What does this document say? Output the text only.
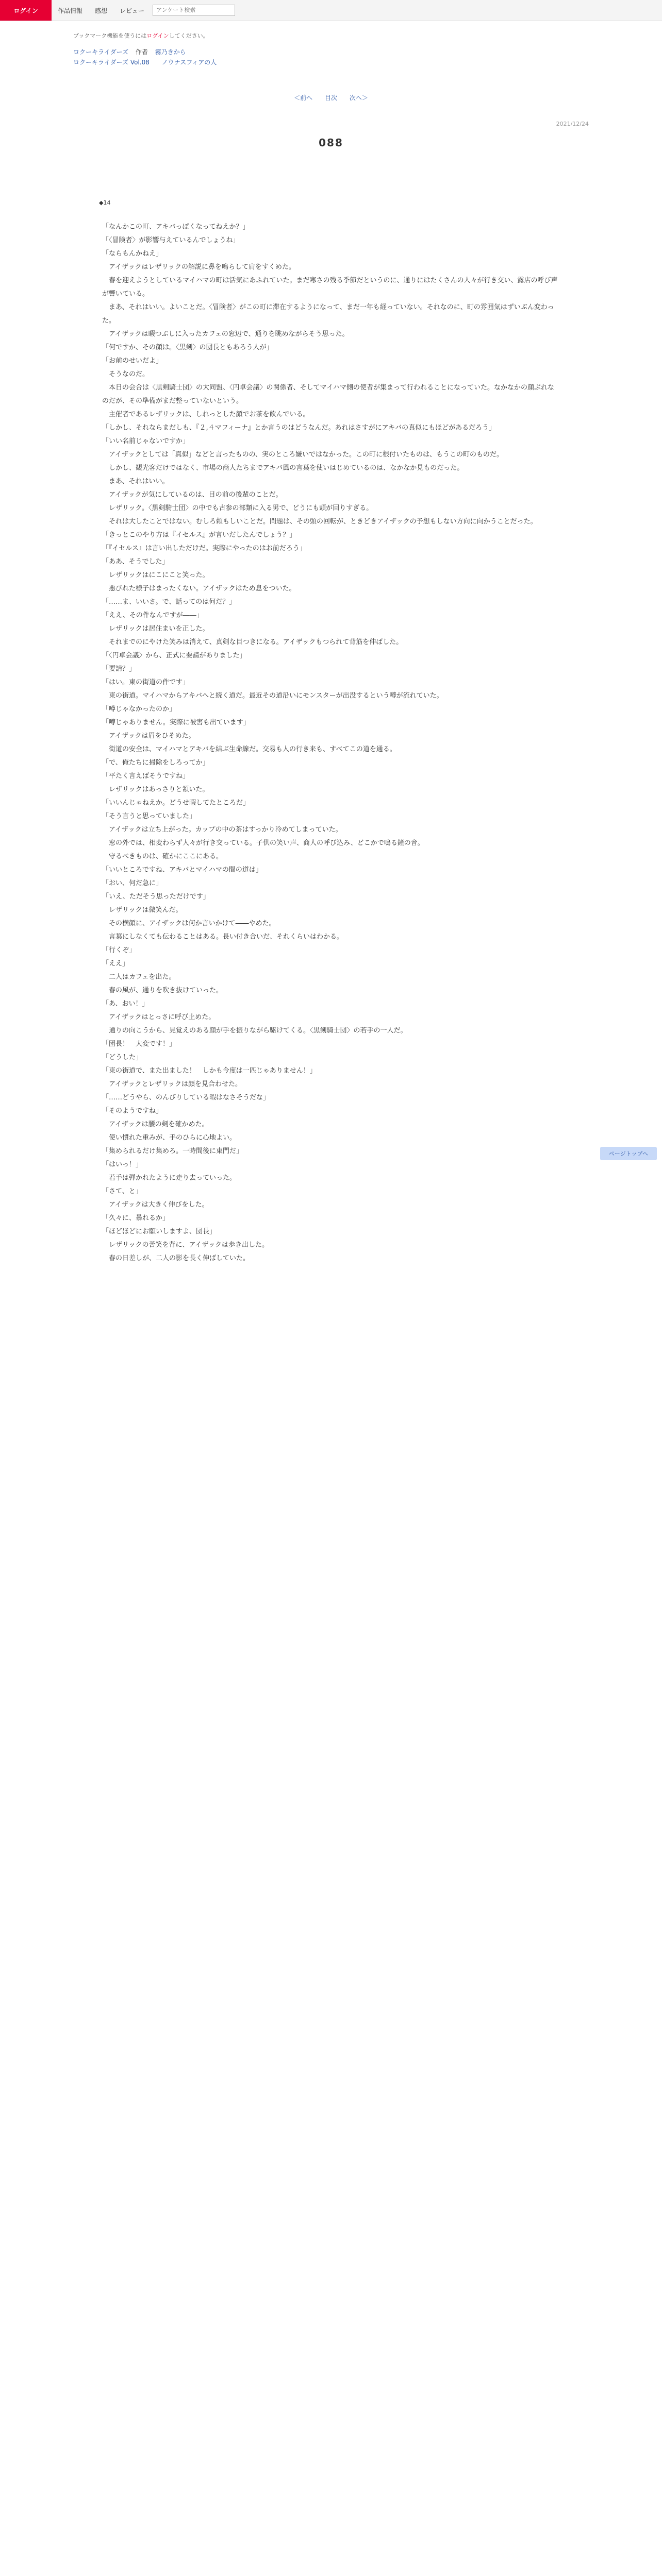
ログイン	作品情報	感想	レビュー
アンケート検索
ブックマーク機能を使うにはログインしてください。
ロクーキライダーズ 作者 霧乃きから
ロクーキライダーズ Vol.08 ノウナスフィアの人
＜前へ 目次 次へ＞
2021/12/24
088
◆14

「なんかこの町、アキバっぽくなってねえか？」

「〈冒険者〉が影響与えているんでしょうね」

「ならもんかねえ」

　アイザックはレザリックの解説に鼻を鳴らして肩をすくめた。

　春を迎えようとしているマイハマの町は活気にあふれていた。まだ寒さの残る季節だというのに、通りにはたくさんの人々が行き交い、露店の呼び声が響いている。

　まあ、それはいい。よいことだ。〈冒険者〉がこの町に滞在するようになって、まだ一年も経っていない。それなのに、町の雰囲気はずいぶん変わった。

　アイザックは暇つぶしに入ったカフェの窓辺で、通りを眺めながらそう思った。

「何ですか、その顔は。〈黒剣〉の団長ともあろう人が」

「お前のせいだよ」

　そうなのだ。

　本日の会合は〈黒剣騎士団〉の大同盟、〈円卓会議〉の関係者、そしてマイハマ側の使者が集まって行われることになっていた。なかなかの顔ぶれなのだが、その準備がまだ整っていないという。

　主催者であるレザリックは、しれっとした顔でお茶を飲んでいる。

「しかし、それならまだしも、『２,４マフィーナ』とか言うのはどうなんだ。あれはさすがにアキバの真似にもほどがあるだろう」

「いい名前じゃないですか」

　アイザックとしては「真似」などと言ったものの、実のところ嫌いではなかった。この町に根付いたものは、もうこの町のものだ。

　しかし、観光客だけではなく、市場の商人たちまでアキバ風の言葉を使いはじめているのは、なかなか見ものだった。

　まあ、それはいい。

　アイザックが気にしているのは、目の前の後輩のことだ。

　レザリック。〈黒剣騎士団〉の中でも古参の部類に入る男で、どうにも頭が回りすぎる。

　それは大したことではない。むしろ頼もしいことだ。問題は、その頭の回転が、ときどきアイザックの予想もしない方向に向かうことだった。

「きっとこのやり方は『イセルス』が言いだしたんでしょう？」

「『イセルス』は言い出しただけだ。実際にやったのはお前だろう」

「ああ、そうでした」

　レザリックはにこにこと笑った。

　悪びれた様子はまったくない。アイザックはため息をついた。

「……ま、いいさ。で、話ってのは何だ？」

「ええ、その件なんですが――」

　レザリックは居住まいを正した。

　それまでのにやけた笑みは消えて、真剣な目つきになる。アイザックもつられて背筋を伸ばした。

「〈円卓会議〉から、正式に要請がありました」

「要請？」

「はい。東の街道の件です」

　東の街道。マイハマからアキバへと続く道だ。最近その道沿いにモンスターが出没するという噂が流れていた。

「噂じゃなかったのか」

「噂じゃありません。実際に被害も出ています」

　アイザックは眉をひそめた。

　街道の安全は、マイハマとアキバを結ぶ生命線だ。交易も人の行き来も、すべてこの道を通る。

「で、俺たちに掃除をしろってか」

「平たく言えばそうですね」

　レザリックはあっさりと頷いた。

「いいんじゃねえか。どうせ暇してたところだ」

「そう言うと思っていました」

　アイザックは立ち上がった。カップの中の茶はすっかり冷めてしまっていた。

　窓の外では、相変わらず人々が行き交っている。子供の笑い声、商人の呼び込み、どこかで鳴る鐘の音。

　守るべきものは、確かにここにある。

「いいところですね、アキバとマイハマの間の道は」

「おい、何だ急に」

「いえ、ただそう思っただけです」

　レザリックは微笑んだ。

　その横顔に、アイザックは何か言いかけて――やめた。

　言葉にしなくても伝わることはある。長い付き合いだ、それくらいはわかる。

「行くぞ」

「ええ」

　二人はカフェを出た。

　春の風が、通りを吹き抜けていった。

「あ、おい！」

　アイザックはとっさに呼び止めた。

　通りの向こうから、見覚えのある顔が手を振りながら駆けてくる。〈黒剣騎士団〉の若手の一人だ。

「団長！　大変です！」

「どうした」

「東の街道で、また出ました！　しかも今度は一匹じゃありません！」

　アイザックとレザリックは顔を見合わせた。

「……どうやら、のんびりしている暇はなさそうだな」

「そのようですね」

　アイザックは腰の剣を確かめた。

　使い慣れた重みが、手のひらに心地よい。

「集められるだけ集めろ。一時間後に東門だ」

「はいっ！」

　若手は弾かれたように走り去っていった。

「さて、と」

　アイザックは大きく伸びをした。

「久々に、暴れるか」

「ほどほどにお願いしますよ、団長」

　レザリックの苦笑を背に、アイザックは歩き出した。

　春の日差しが、二人の影を長く伸ばしていた。

ページトップへ
